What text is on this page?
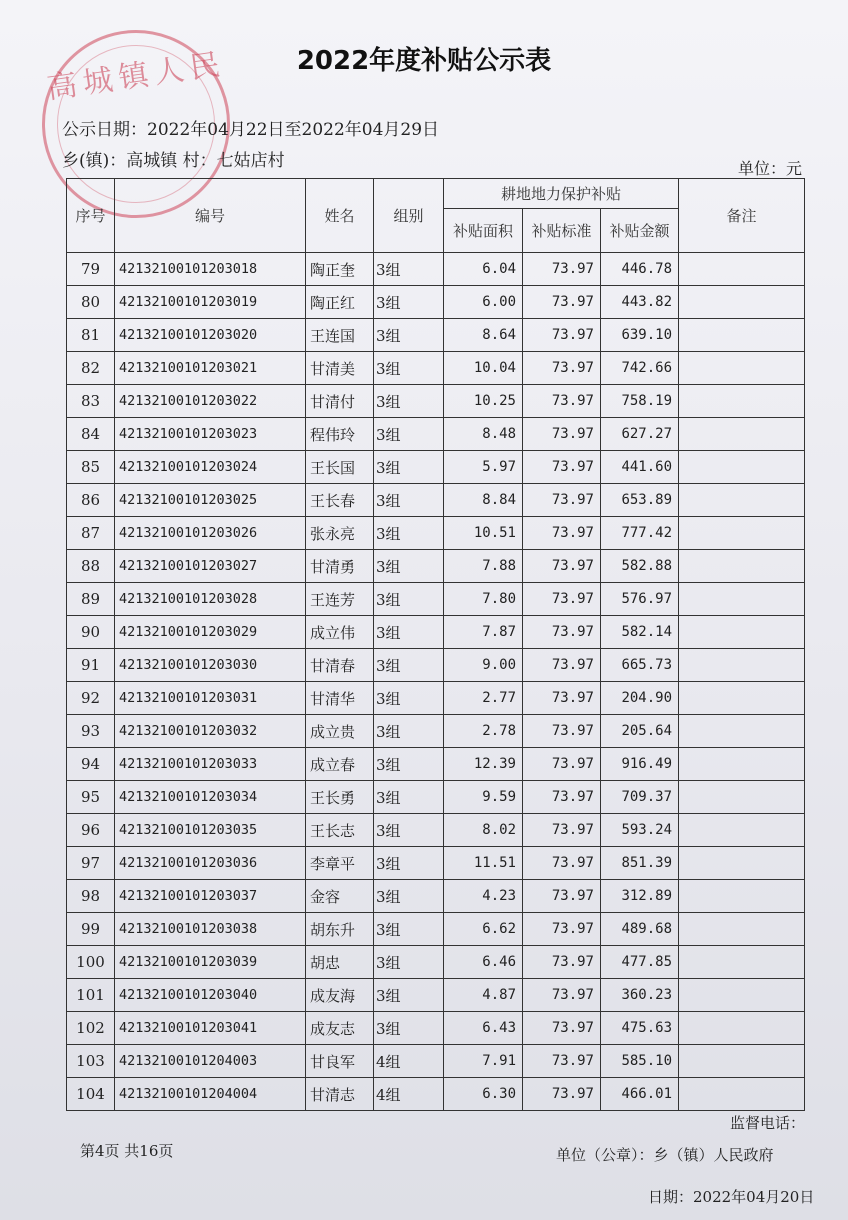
高城镇人民	2022年度补贴公示表
公示日期：2022年04月22日至2022年04月29日
乡(镇)：高城镇 村：七姑店村	单位：元
序号	编号	姓名	组别	耕地地力保护补贴			备注
				补贴面积	补贴标准	补贴金额	
79	42132100101203018	陶正奎	3组	6.04	73.97	446.78	
80	42132100101203019	陶正红	3组	6.00	73.97	443.82	
81	42132100101203020	王连国	3组	8.64	73.97	639.10	
82	42132100101203021	甘清美	3组	10.04	73.97	742.66	
83	42132100101203022	甘清付	3组	10.25	73.97	758.19	
84	42132100101203023	程伟玲	3组	8.48	73.97	627.27	
85	42132100101203024	王长国	3组	5.97	73.97	441.60	
86	42132100101203025	王长春	3组	8.84	73.97	653.89	
87	42132100101203026	张永亮	3组	10.51	73.97	777.42	
88	42132100101203027	甘清勇	3组	7.88	73.97	582.88	
89	42132100101203028	王连芳	3组	7.80	73.97	576.97	
90	42132100101203029	成立伟	3组	7.87	73.97	582.14	
91	42132100101203030	甘清春	3组	9.00	73.97	665.73	
92	42132100101203031	甘清华	3组	2.77	73.97	204.90	
93	42132100101203032	成立贵	3组	2.78	73.97	205.64	
94	42132100101203033	成立春	3组	12.39	73.97	916.49	
95	42132100101203034	王长勇	3组	9.59	73.97	709.37	
96	42132100101203035	王长志	3组	8.02	73.97	593.24	
97	42132100101203036	李章平	3组	11.51	73.97	851.39	
98	42132100101203037	金容	3组	4.23	73.97	312.89	
99	42132100101203038	胡东升	3组	6.62	73.97	489.68	
100	42132100101203039	胡忠	3组	6.46	73.97	477.85	
101	42132100101203040	成友海	3组	4.87	73.97	360.23	
102	42132100101203041	成友志	3组	6.43	73.97	475.63	
103	42132100101204003	甘良军	4组	7.91	73.97	585.10	
104	42132100101204004	甘清志	4组	6.30	73.97	466.01	
第4页 共16页
监督电话：
单位（公章）：乡（镇）人民政府
日期：2022年04月20日
